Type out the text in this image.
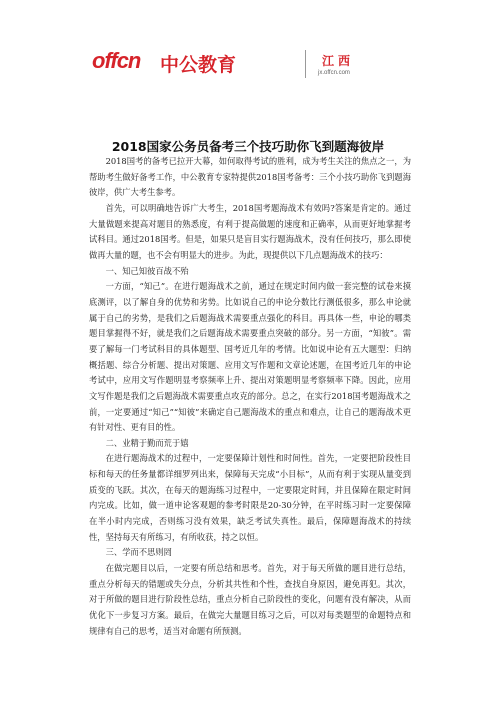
offcn 中公教育	江西
jx.offcn.com
2018国家公务员备考三个技巧助你飞到题海彼岸

2018国考的备考已拉开大幕，如何取得考试的胜利，成为考生关注的焦点之一，为帮助考生做好备考工作，中公教育专家特提供2018国考备考：三个小技巧助你飞到题海彼岸，供广大考生参考。

首先，可以明确地告诉广大考生，2018国考题海战术有效吗?答案是肯定的。通过大量做题来提高对题目的熟悉度，有利于提高做题的速度和正确率，从而更好地掌握考试科目。通过2018国考。但是，如果只是盲目实行题海战术，没有任何技巧，那么即使做再大量的题，也不会有明显大的进步。为此，现提供以下几点题海战术的技巧：

一、知己知彼百战不殆

一方面，“知己”。在进行题海战术之前，通过在规定时间内做一套完整的试卷来摸底测评，以了解自身的优势和劣势。比如说自己的申论分数比行测低很多，那么申论就属于自己的劣势，是我们之后题海战术需要重点强化的科目。再具体一些，申论的哪类题目掌握得不好，就是我们之后题海战术需要重点突破的部分。另一方面，“知彼”。需要了解每一门考试科目的具体题型、国考近几年的考情。比如说申论有五大题型：归纳概括题、综合分析题、提出对策题、应用文写作题和文章论述题，在国考近几年的申论考试中，应用文写作题明显考察频率上升、提出对策题明显考察频率下降。因此，应用文写作题是我们之后题海战术需要重点攻克的部分。总之，在实行2018国考题海战术之前，一定要通过“知己”“知彼”来确定自己题海战术的重点和难点，让自己的题海战术更有针对性、更有目的性。

二、业精于勤而荒于嬉

在进行题海战术的过程中，一定要保障计划性和时间性。首先，一定要把阶段性目标和每天的任务量都详细罗列出来，保障每天完成“小目标”，从而有利于实现从量变到质变的飞跃。其次，在每天的题海练习过程中，一定要限定时间，并且保障在限定时间内完成。比如，做一道申论客观题的参考时限是20-30分钟，在平时练习时一定要保障在半小时内完成，否则练习没有效果，缺乏考试失真性。最后，保障题海战术的持续性，坚持每天有所练习，有所收获，持之以恒。

三、学而不思则罔

在做完题目以后，一定要有所总结和思考。首先，对于每天所做的题目进行总结，重点分析每天的错题或失分点，分析其共性和个性，查找自身原因，避免再犯。其次，对于所做的题目进行阶段性总结，重点分析自己阶段性的变化，问题有没有解决，从而优化下一步复习方案。最后，在做完大量题目练习之后，可以对每类题型的命题特点和规律有自己的思考，适当对命题有所预测。
